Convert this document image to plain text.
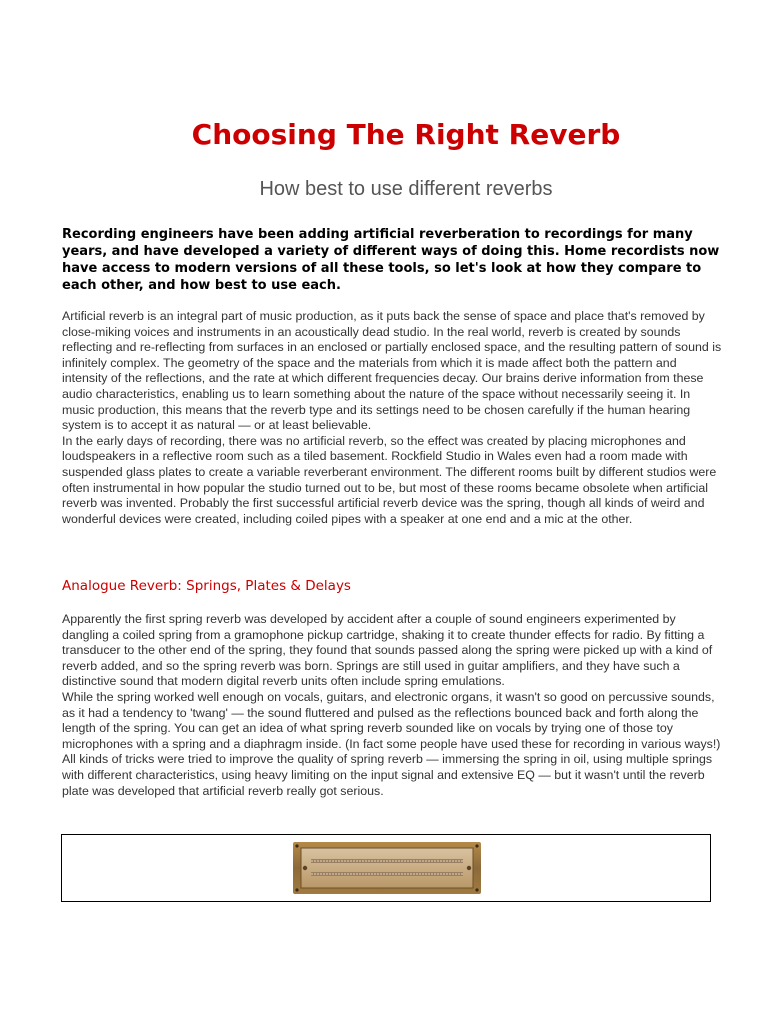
Choosing The Right Reverb
How best to use different reverbs

Recording engineers have been adding artificial reverberation to recordings for many years, and have developed a variety of different ways of doing this. Home recordists now have access to modern versions of all these tools, so let's look at how they compare to each other, and how best to use each.

Artificial reverb is an integral part of music production, as it puts back the sense of space and place that's removed by close-miking voices and instruments in an acoustically dead studio. In the real world, reverb is created by sounds reflecting and re-reflecting from surfaces in an enclosed or partially enclosed space, and the resulting pattern of sound is infinitely complex. The geometry of the space and the materials from which it is made affect both the pattern and intensity of the reflections, and the rate at which different frequencies decay. Our brains derive information from these audio characteristics, enabling us to learn something about the nature of the space without necessarily seeing it. In music production, this means that the reverb type and its settings need to be chosen carefully if the human hearing system is to accept it as natural — or at least believable.

In the early days of recording, there was no artificial reverb, so the effect was created by placing microphones and loudspeakers in a reflective room such as a tiled basement. Rockfield Studio in Wales even had a room made with suspended glass plates to create a variable reverberant environment. The different rooms built by different studios were often instrumental in how popular the studio turned out to be, but most of these rooms became obsolete when artificial reverb was invented. Probably the first successful artificial reverb device was the spring, though all kinds of weird and wonderful devices were created, including coiled pipes with a speaker at one end and a mic at the other.

Analogue Reverb: Springs, Plates & Delays

Apparently the first spring reverb was developed by accident after a couple of sound engineers experimented by dangling a coiled spring from a gramophone pickup cartridge, shaking it to create thunder effects for radio. By fitting a transducer to the other end of the spring, they found that sounds passed along the spring were picked up with a kind of reverb added, and so the spring reverb was born. Springs are still used in guitar amplifiers, and they have such a distinctive sound that modern digital reverb units often include spring emulations.

While the spring worked well enough on vocals, guitars, and electronic organs, it wasn't so good on percussive sounds, as it had a tendency to 'twang' — the sound fluttered and pulsed as the reflections bounced back and forth along the length of the spring. You can get an idea of what spring reverb sounded like on vocals by trying one of those toy microphones with a spring and a diaphragm inside. (In fact some people have used these for recording in various ways!) All kinds of tricks were tried to improve the quality of spring reverb — immersing the spring in oil, using multiple springs with different characteristics, using heavy limiting on the input signal and extensive EQ — but it wasn't until the reverb plate was developed that artificial reverb really got serious.
